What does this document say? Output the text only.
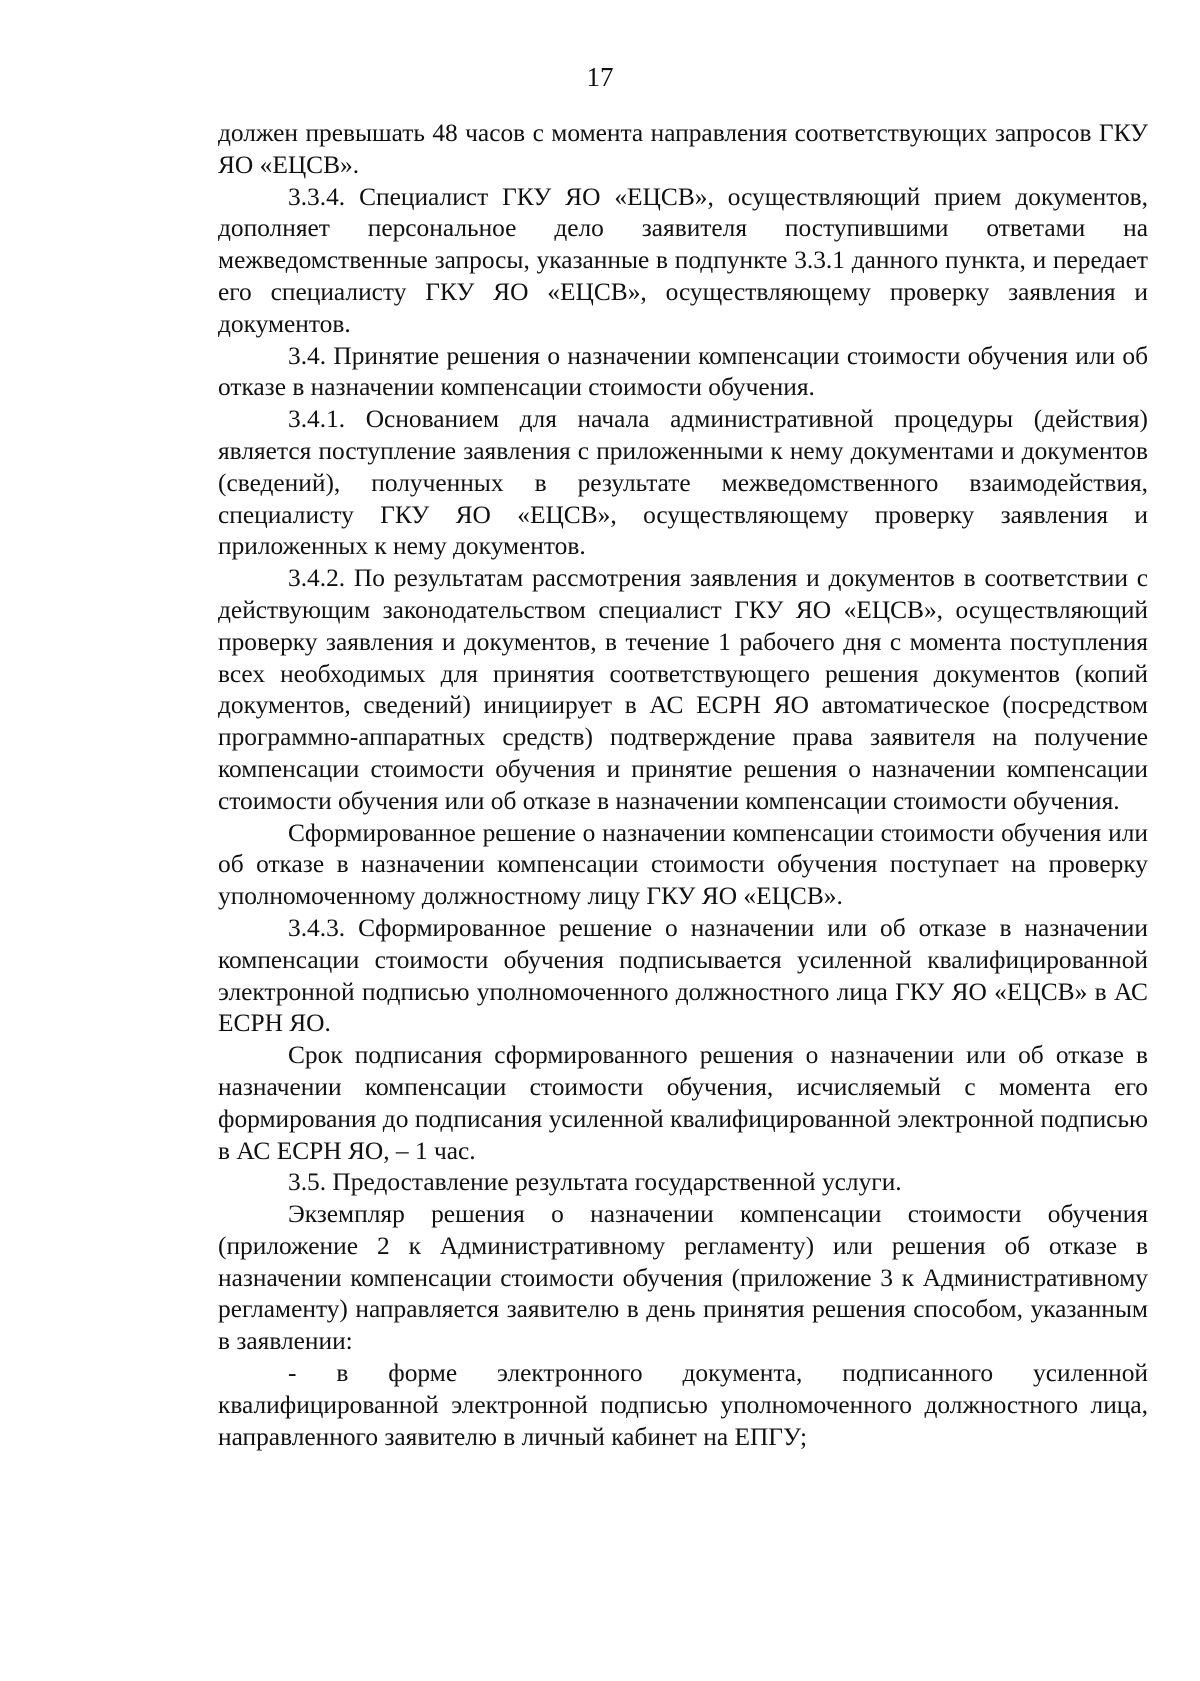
17

должен превышать 48 часов с момента направления соответствующих запросов ГКУ ЯО «ЕЦСВ».

3.3.4. Специалист ГКУ ЯО «ЕЦСВ», осуществляющий прием документов, дополняет персональное дело заявителя поступившими ответами на межведомственные запросы, указанные в подпункте 3.3.1 данного пункта, и передает его специалисту ГКУ ЯО «ЕЦСВ», осуществляющему проверку заявления и документов.

3.4. Принятие решения о назначении компенсации стоимости обучения или об отказе в назначении компенсации стоимости обучения.

3.4.1. Основанием для начала административной процедуры (действия) является поступление заявления с приложенными к нему документами и документов (сведений), полученных в результате межведомственного взаимодействия, специалисту ГКУ ЯО «ЕЦСВ», осуществляющему проверку заявления и приложенных к нему документов.

3.4.2. По результатам рассмотрения заявления и документов в соответствии с действующим законодательством специалист ГКУ ЯО «ЕЦСВ», осуществляющий проверку заявления и документов, в течение 1 рабочего дня с момента поступления всех необходимых для принятия соответствующего решения документов (копий документов, сведений) инициирует в АС ЕСРН ЯО автоматическое (посредством программно-аппаратных средств) подтверждение права заявителя на получение компенсации стоимости обучения и принятие решения о назначении компенсации стоимости обучения или об отказе в назначении компенсации стоимости обучения.

Сформированное решение о назначении компенсации стоимости обучения или об отказе в назначении компенсации стоимости обучения поступает на проверку уполномоченному должностному лицу ГКУ ЯО «ЕЦСВ».

3.4.3. Сформированное решение о назначении или об отказе в назначении компенсации стоимости обучения подписывается усиленной квалифицированной электронной подписью уполномоченного должностного лица ГКУ ЯО «ЕЦСВ» в АС ЕСРН ЯО.

Срок подписания сформированного решения о назначении или об отказе в назначении компенсации стоимости обучения, исчисляемый с момента его формирования до подписания усиленной квалифицированной электронной подписью в АС ЕСРН ЯО, – 1 час.

3.5. Предоставление результата государственной услуги.

Экземпляр решения о назначении компенсации стоимости обучения (приложение 2 к Административному регламенту) или решения об отказе в назначении компенсации стоимости обучения (приложение 3 к Административному регламенту) направляется заявителю в день принятия решения способом, указанным в заявлении:

- в форме электронного документа, подписанного усиленной квалифицированной электронной подписью уполномоченного должностного лица, направленного заявителю в личный кабинет на ЕПГУ;
